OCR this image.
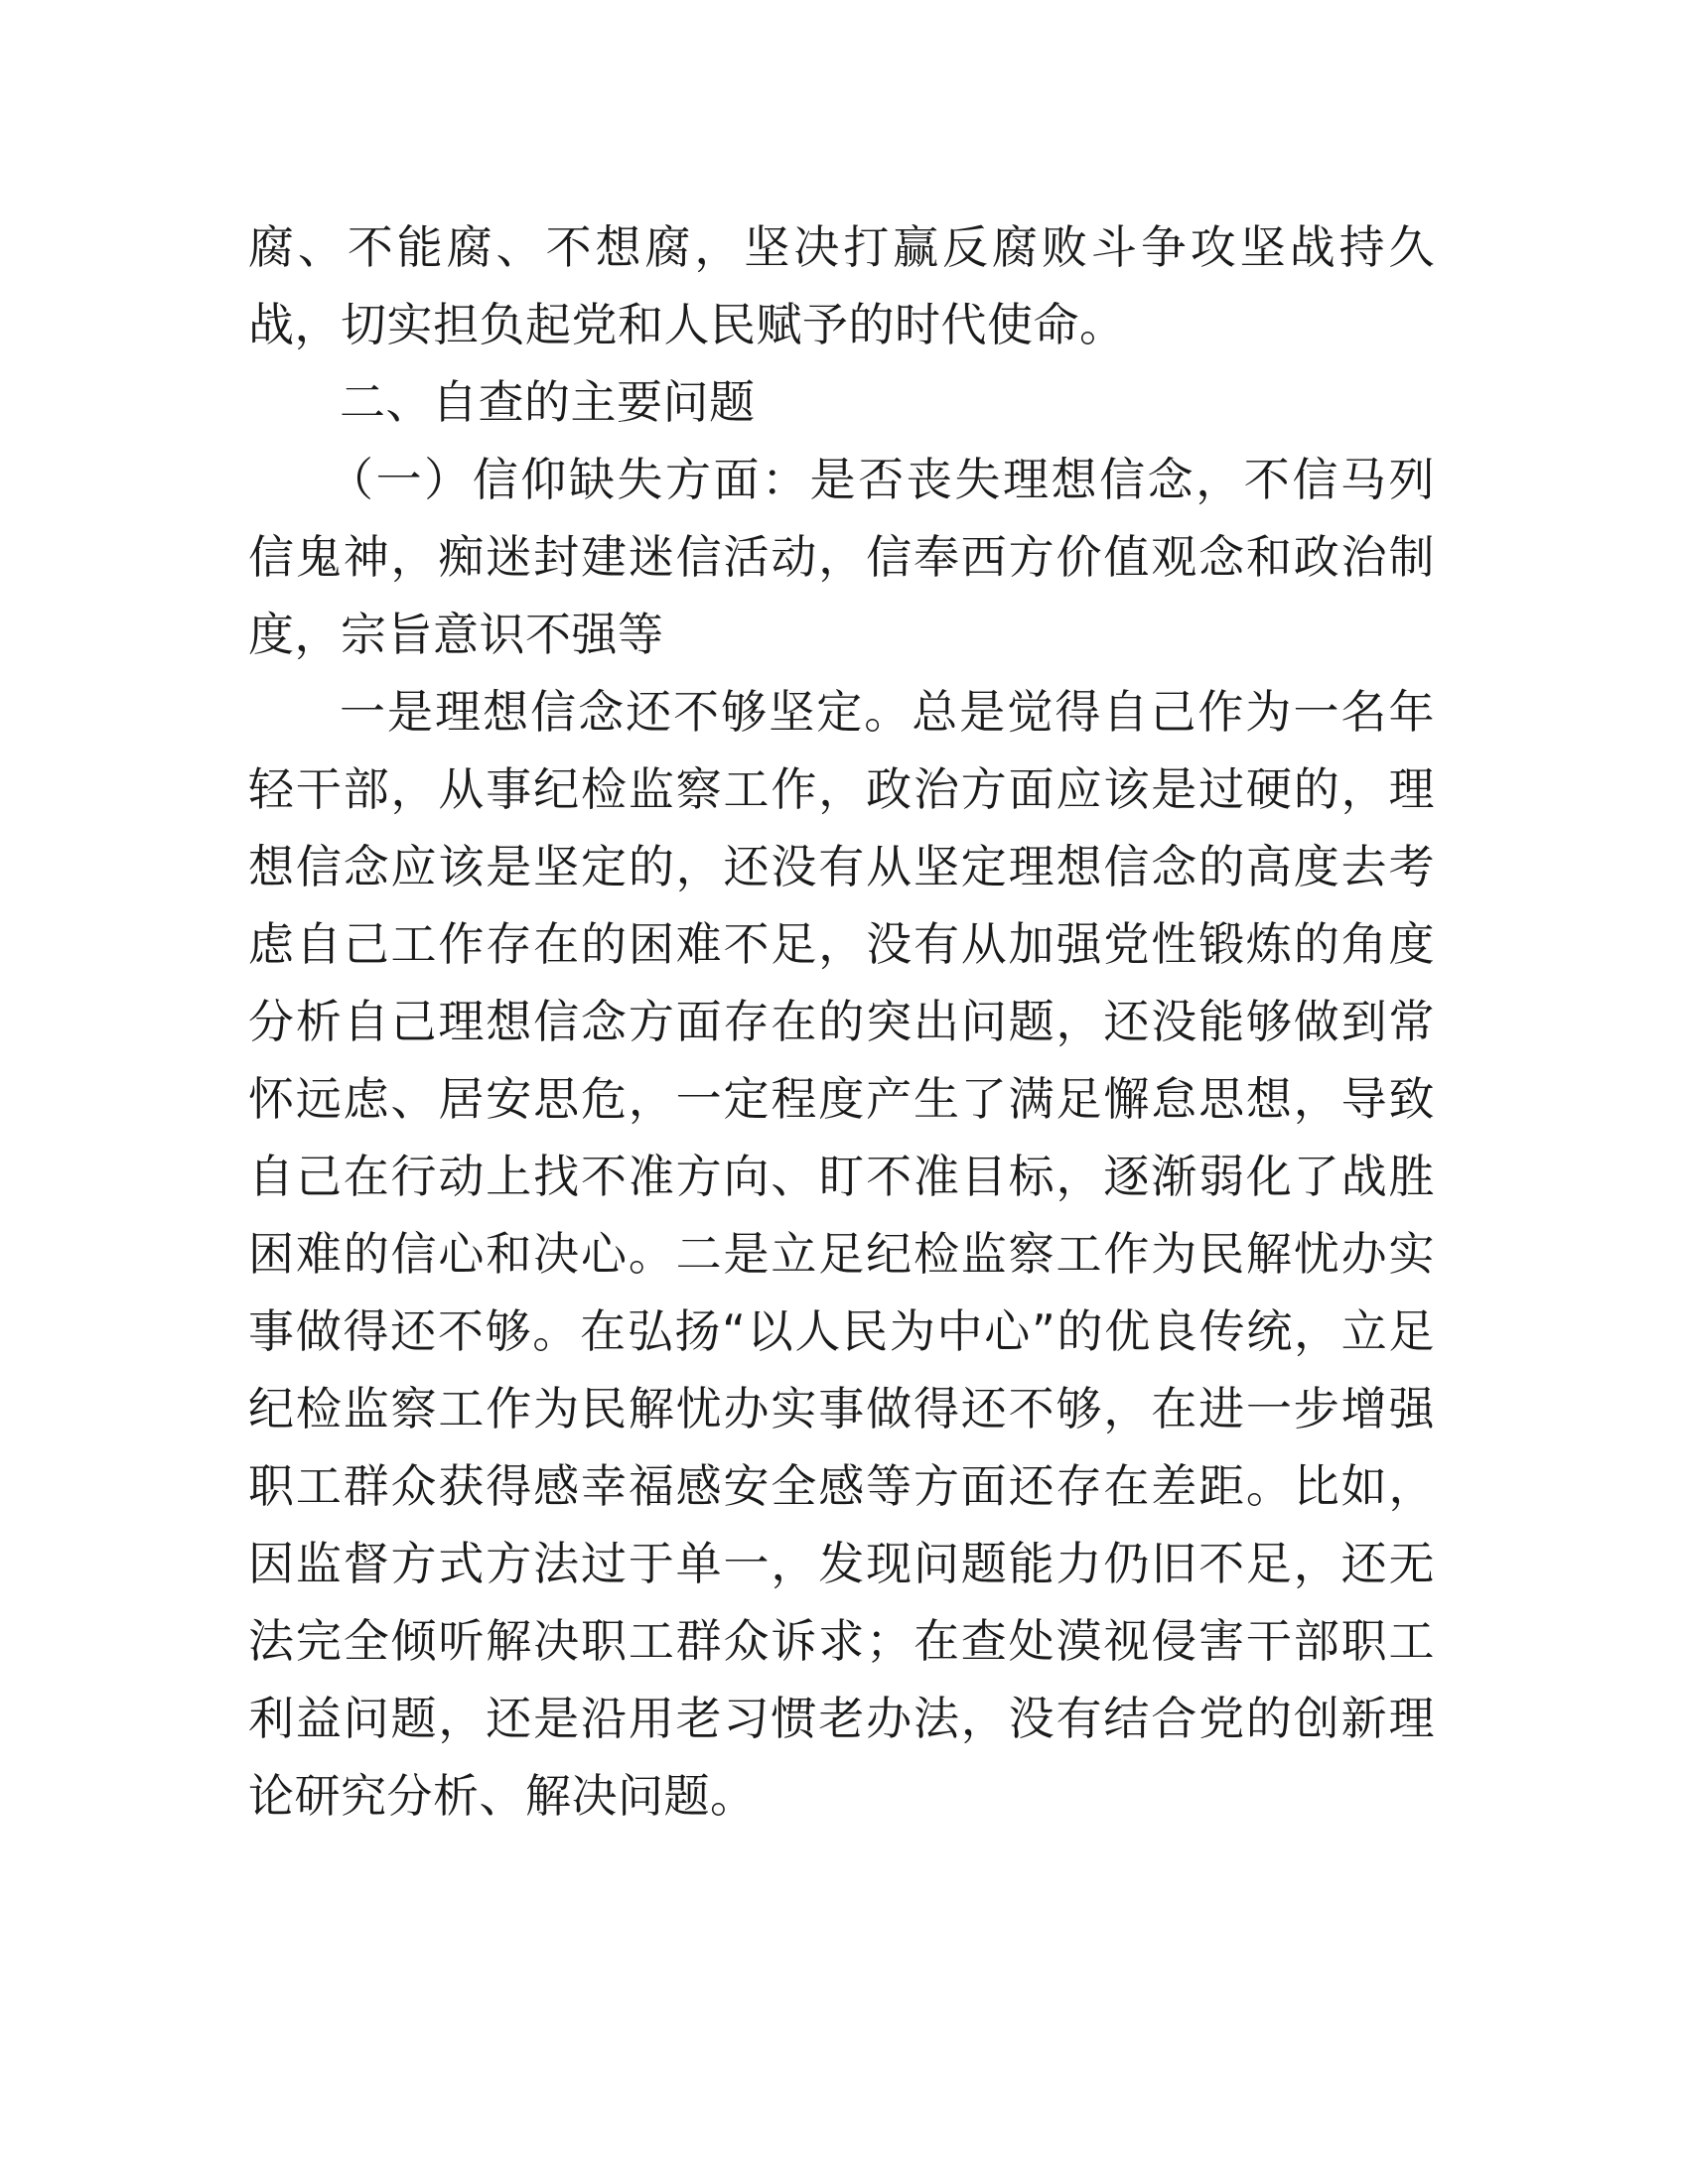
腐、不能腐、不想腐，坚决打赢反腐败斗争攻坚战持久战，切实担负起党和人民赋予的时代使命。

二、自查的主要问题

（一）信仰缺失方面：是否丧失理想信念，不信马列信鬼神，痴迷封建迷信活动，信奉西方价值观念和政治制度，宗旨意识不强等

一是理想信念还不够坚定。总是觉得自己作为一名年轻干部，从事纪检监察工作，政治方面应该是过硬的，理想信念应该是坚定的，还没有从坚定理想信念的高度去考虑自己工作存在的困难不足，没有从加强党性锻炼的角度分析自己理想信念方面存在的突出问题，还没能够做到常怀远虑、居安思危，一定程度产生了满足懈怠思想，导致自己在行动上找不准方向、盯不准目标，逐渐弱化了战胜困难的信心和决心。二是立足纪检监察工作为民解忧办实事做得还不够。在弘扬“以人民为中心”的优良传统，立足纪检监察工作为民解忧办实事做得还不够，在进一步增强职工群众获得感幸福感安全感等方面还存在差距。比如，因监督方式方法过于单一，发现问题能力仍旧不足，还无法完全倾听解决职工群众诉求；在查处漠视侵害干部职工利益问题，还是沿用老习惯老办法，没有结合党的创新理论研究分析、解决问题。
